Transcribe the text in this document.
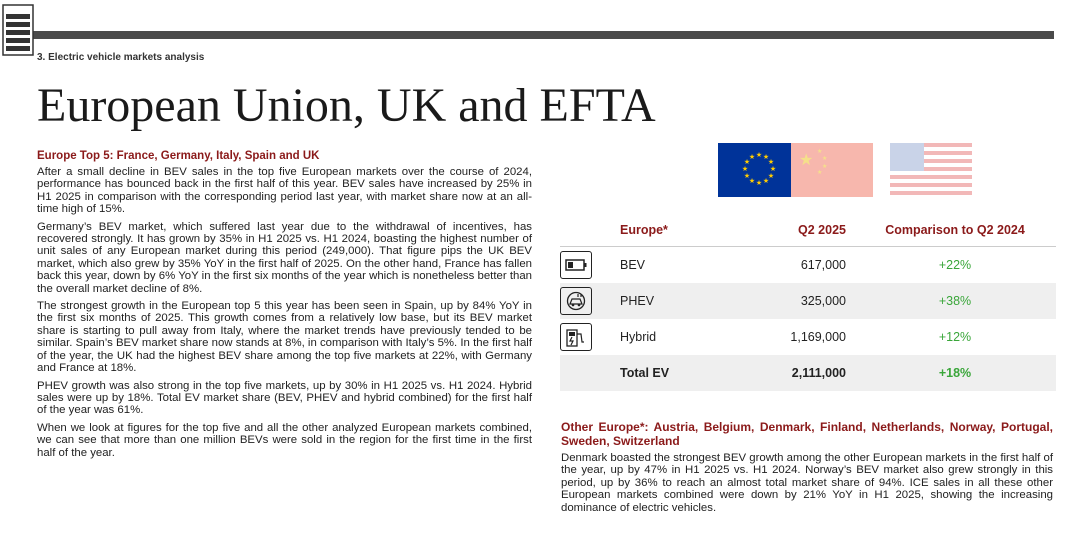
3. Electric vehicle markets analysis
European Union, UK and EFTA
Europe Top 5: France, Germany, Italy, Spain and UK

After a small decline in BEV sales in the top five European markets over the course of 2024, performance has bounced back in the first half of this year. BEV sales have increased by 25% in H1 2025 in comparison with the corresponding period last year, with market share now at an all-time high of 15%.

Germany’s BEV market, which suffered last year due to the withdrawal of incentives, has recovered strongly. It has grown by 35% in H1 2025 vs. H1 2024, boasting the highest number of unit sales of any European market during this period (249,000). That figure pips the UK BEV market, which also grew by 35% YoY in the first half of 2025. On the other hand, France has fallen back this year, down by 6% YoY in the first six months of the year which is nonetheless better than the overall market decline of 8%.

The strongest growth in the European top 5 this year has been seen in Spain, up by 84% YoY in the first six months of 2025. This growth comes from a relatively low base, but its BEV market share is starting to pull away from Italy, where the market trends have previously tended to be similar. Spain’s BEV market share now stands at 8%, in comparison with Italy’s 5%. In the first half of the year, the UK had the highest BEV share among the top five markets at 22%, with Germany and France at 18%.

PHEV growth was also strong in the top five markets, up by 30% in H1 2025 vs. H1 2024. Hybrid sales were up by 18%. Total EV market share (BEV, PHEV and hybrid combined) for the first half of the year was 61%.

When we look at figures for the top five and all the other analyzed European markets combined, we can see that more than one million BEVs were sold in the region for the first time in the first half of the year.

★ ★
★
★
★
★
★
★
★
★
★
★	★ ★
★
★
★
Europe*	Q2 2025	Comparison to Q2 2024
BEV	617,000	+22%
PHEV	325,000	+38%
Hybrid	1,169,000	+12%
Total EV	2,111,000	+18%
Other Europe*: Austria, Belgium, Denmark, Finland, Netherlands, Norway, Portugal, Sweden, Switzerland

Denmark boasted the strongest BEV growth among the other European markets in the first half of the year, up by 47% in H1 2025 vs. H1 2024. Norway’s BEV market also grew strongly in this period, up by 36% to reach an almost total market share of 94%. ICE sales in all these other European markets combined were down by 21% YoY in H1 2025, showing the increasing dominance of electric vehicles.
